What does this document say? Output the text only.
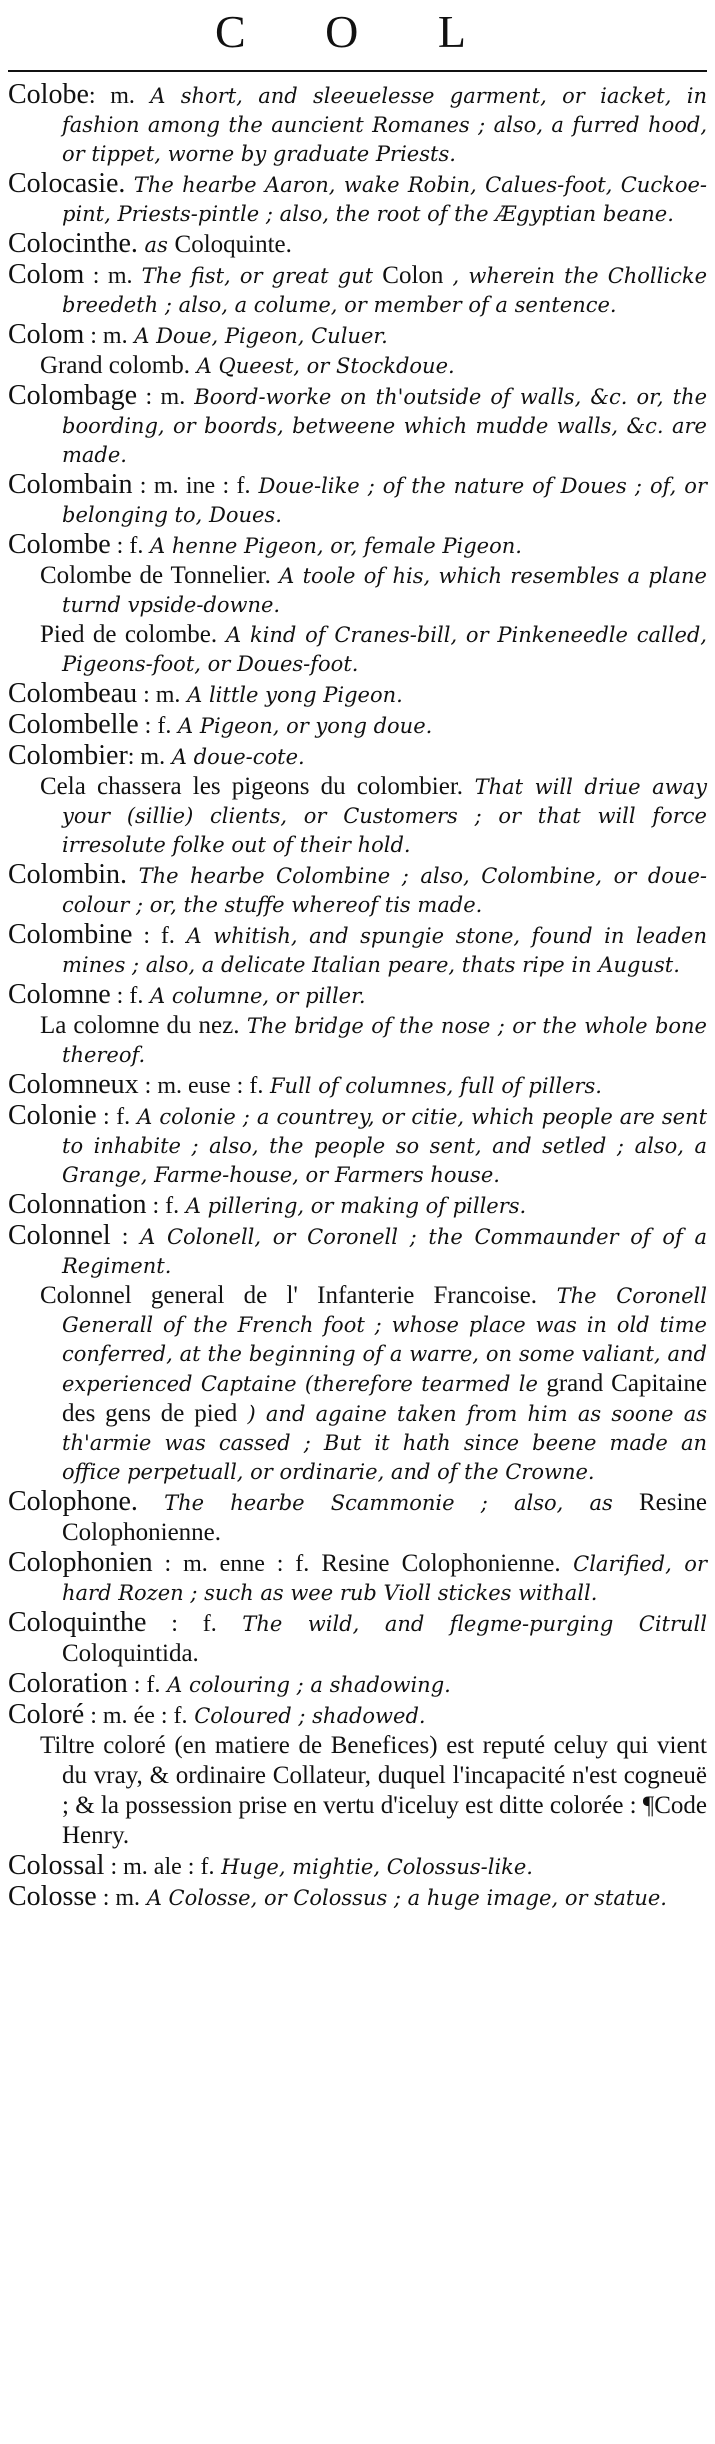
C O L
Colobe: m. A short, and sleeuelesse garment, or iacket, in fashion among the auncient Romanes ; also, a furred hood, or tippet, worne by graduate Priests.
Colocasie. The hearbe Aaron, wake Robin, Calues-foot, Cuckoe-pint, Priests-pintle ; also, the root of the Ægyptian beane.
Colocinthe. as Coloquinte.
Colom : m. The fist, or great gut Colon , wherein the Chollicke breedeth ; also, a colume, or member of a sentence.
Colom : m. A Doue, Pigeon, Culuer.
Grand colomb. A Queest, or Stockdoue.
Colombage : m. Boord-worke on th'outside of walls, &c. or, the boording, or boords, betweene which mudde walls, &c. are made.
Colombain : m. ine : f. Doue-like ; of the nature of Doues ; of, or belonging to, Doues.
Colombe : f. A henne Pigeon, or, female Pigeon.
Colombe de Tonnelier. A toole of his, which resembles a plane turnd vpside-downe.
Pied de colombe. A kind of Cranes-bill, or Pinkeneedle called, Pigeons-foot, or Doues-foot.
Colombeau : m. A little yong Pigeon.
Colombelle : f. A Pigeon, or yong doue.
Colombier: m. A doue-cote.
Cela chassera les pigeons du colombier. That will driue away your (sillie) clients, or Customers ; or that will force irresolute folke out of their hold.
Colombin. The hearbe Colombine ; also, Colombine, or doue-colour ; or, the stuffe whereof tis made.
Colombine : f. A whitish, and spungie stone, found in leaden mines ; also, a delicate Italian peare, thats ripe in August.
Colomne : f. A columne, or piller.
La colomne du nez. The bridge of the nose ; or the whole bone thereof.
Colomneux : m. euse : f. Full of columnes, full of pillers.
Colonie : f. A colonie ; a countrey, or citie, which people are sent to inhabite ; also, the people so sent, and setled ; also, a Grange, Farme-house, or Farmers house.
Colonnation : f. A pillering, or making of pillers.
Colonnel : A Colonell, or Coronell ; the Commaunder of of a Regiment.
Colonnel general de l' Infanterie Francoise. The Coronell Generall of the French foot ; whose place was in old time conferred, at the beginning of a warre, on some valiant, and experienced Captaine (therefore tearmed le grand Capitaine des gens de pied ) and againe taken from him as soone as th'armie was cassed ; But it hath since beene made an office perpetuall, or ordinarie, and of the Crowne.
Colophone. The hearbe Scammonie ; also, as Resine Colophonienne.
Colophonien : m. enne : f. Resine Colophonienne. Clarified, or hard Rozen ; such as wee rub Violl stickes withall.
Coloquinthe : f. The wild, and flegme-purging Citrull Coloquintida.
Coloration : f. A colouring ; a shadowing.
Coloré : m. ée : f. Coloured ; shadowed.
Tiltre coloré (en matiere de Benefices) est reputé celuy qui vient du vray, & ordinaire Collateur, duquel l'incapacité n'est cogneuë ; & la possession prise en vertu d'iceluy est ditte colorée : ¶Code Henry.
Colossal : m. ale : f. Huge, mightie, Colossus-like.
Colosse : m. A Colosse, or Colossus ; a huge image, or statue.
